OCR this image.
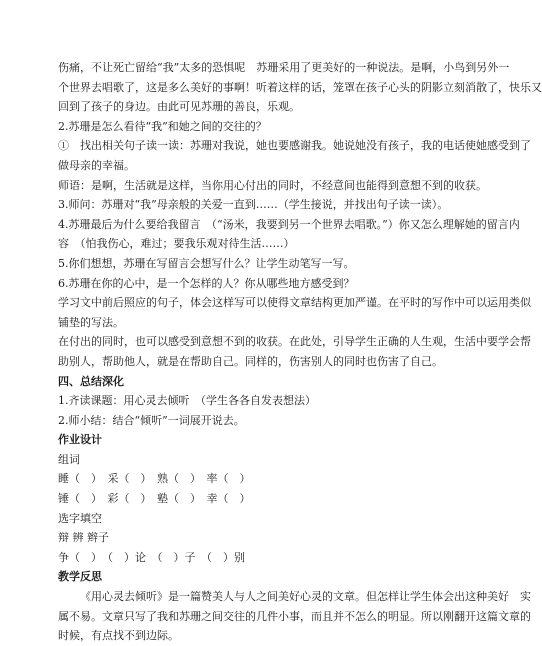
伤痛，不让死亡留给“我”太多的恐惧呢　苏珊采用了更美好的一种说法。是啊，小鸟到另外一
个世界去唱歌了，这是多么美好的事啊！听着这样的话，笼罩在孩子心头的阴影立刻消散了，快乐又
回到了孩子的身边。由此可见苏珊的善良，乐观。
2.苏珊是怎么看待“我”和她之间的交往的？
①　找出相关句子读一读：苏珊对我说，她也要感谢我。她说她没有孩子，我的电话使她感受到了
做母亲的幸福。
师语：是啊，生活就是这样，当你用心付出的同时，不经意间也能得到意想不到的收获。
3.师问：苏珊对“我”母亲般的关爱一直到……（学生接说，并找出句子读一读）。
4.苏珊最后为什么要给我留言　（“汤米，我要到另一个世界去唱歌。”）你又怎么理解她的留言内
容　（怕我伤心，难过；要我乐观对待生活……）
5.你们想想，苏珊在写留言会想写什么？让学生动笔写一写。
6.苏珊在你的心中，是一个怎样的人？你从哪些地方感受到？
学习文中前后照应的句子，体会这样写可以使得文章结构更加严谨。在平时的写作中可以运用类似
铺垫的写法。
在付出的同时，也可以感受到意想不到的收获。在此处，引导学生正确的人生观，生活中要学会帮
助别人，帮助他人，就是在帮助自己。同样的，伤害别人的同时也伤害了自己。
四、总结深化
1.齐读课题：用心灵去倾听　（学生各各自发表想法）
2.师小结：结合“倾听”一词展开说去。
作业设计
组词
睡（　）　采（　）　熟（　）　率（　）
锤（　）　彩（　）　塾（　）　幸（　）
选字填空
辩 辨 辫子
争（　）　（　）论　（　）子　（　）别
教学反思
《用心灵去倾听》是一篇赞美人与人之间美好心灵的文章。但怎样让学生体会出这种美好　实
属不易。文章只写了我和苏珊之间交往的几件小事，而且并不怎么的明显。所以刚翻开这篇文章的
时候，有点找不到边际。
